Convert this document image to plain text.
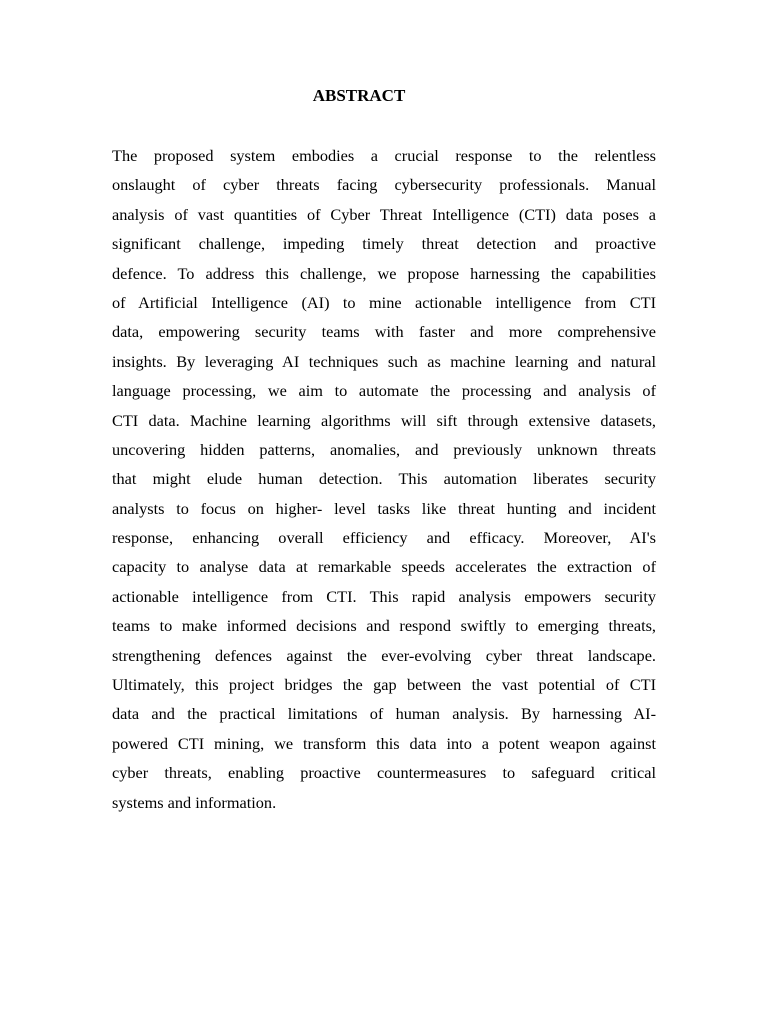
ABSTRACT
The proposed system embodies a crucial response to the relentless
onslaught of cyber threats facing cybersecurity professionals. Manual
analysis of vast quantities of Cyber Threat Intelligence (CTI) data poses a
significant challenge, impeding timely threat detection and proactive
defence. To address this challenge, we propose harnessing the capabilities
of Artificial Intelligence (AI) to mine actionable intelligence from CTI
data, empowering security teams with faster and more comprehensive
insights. By leveraging AI techniques such as machine learning and natural
language processing, we aim to automate the processing and analysis of
CTI data. Machine learning algorithms will sift through extensive datasets,
uncovering hidden patterns, anomalies, and previously unknown threats
that might elude human detection. This automation liberates security
analysts to focus on higher- level tasks like threat hunting and incident
response, enhancing overall efficiency and efficacy. Moreover, AI's
capacity to analyse data at remarkable speeds accelerates the extraction of
actionable intelligence from CTI. This rapid analysis empowers security
teams to make informed decisions and respond swiftly to emerging threats,
strengthening defences against the ever-evolving cyber threat landscape.
Ultimately, this project bridges the gap between the vast potential of CTI
data and the practical limitations of human analysis. By harnessing AI-
powered CTI mining, we transform this data into a potent weapon against
cyber threats, enabling proactive countermeasures to safeguard critical
systems and information.
